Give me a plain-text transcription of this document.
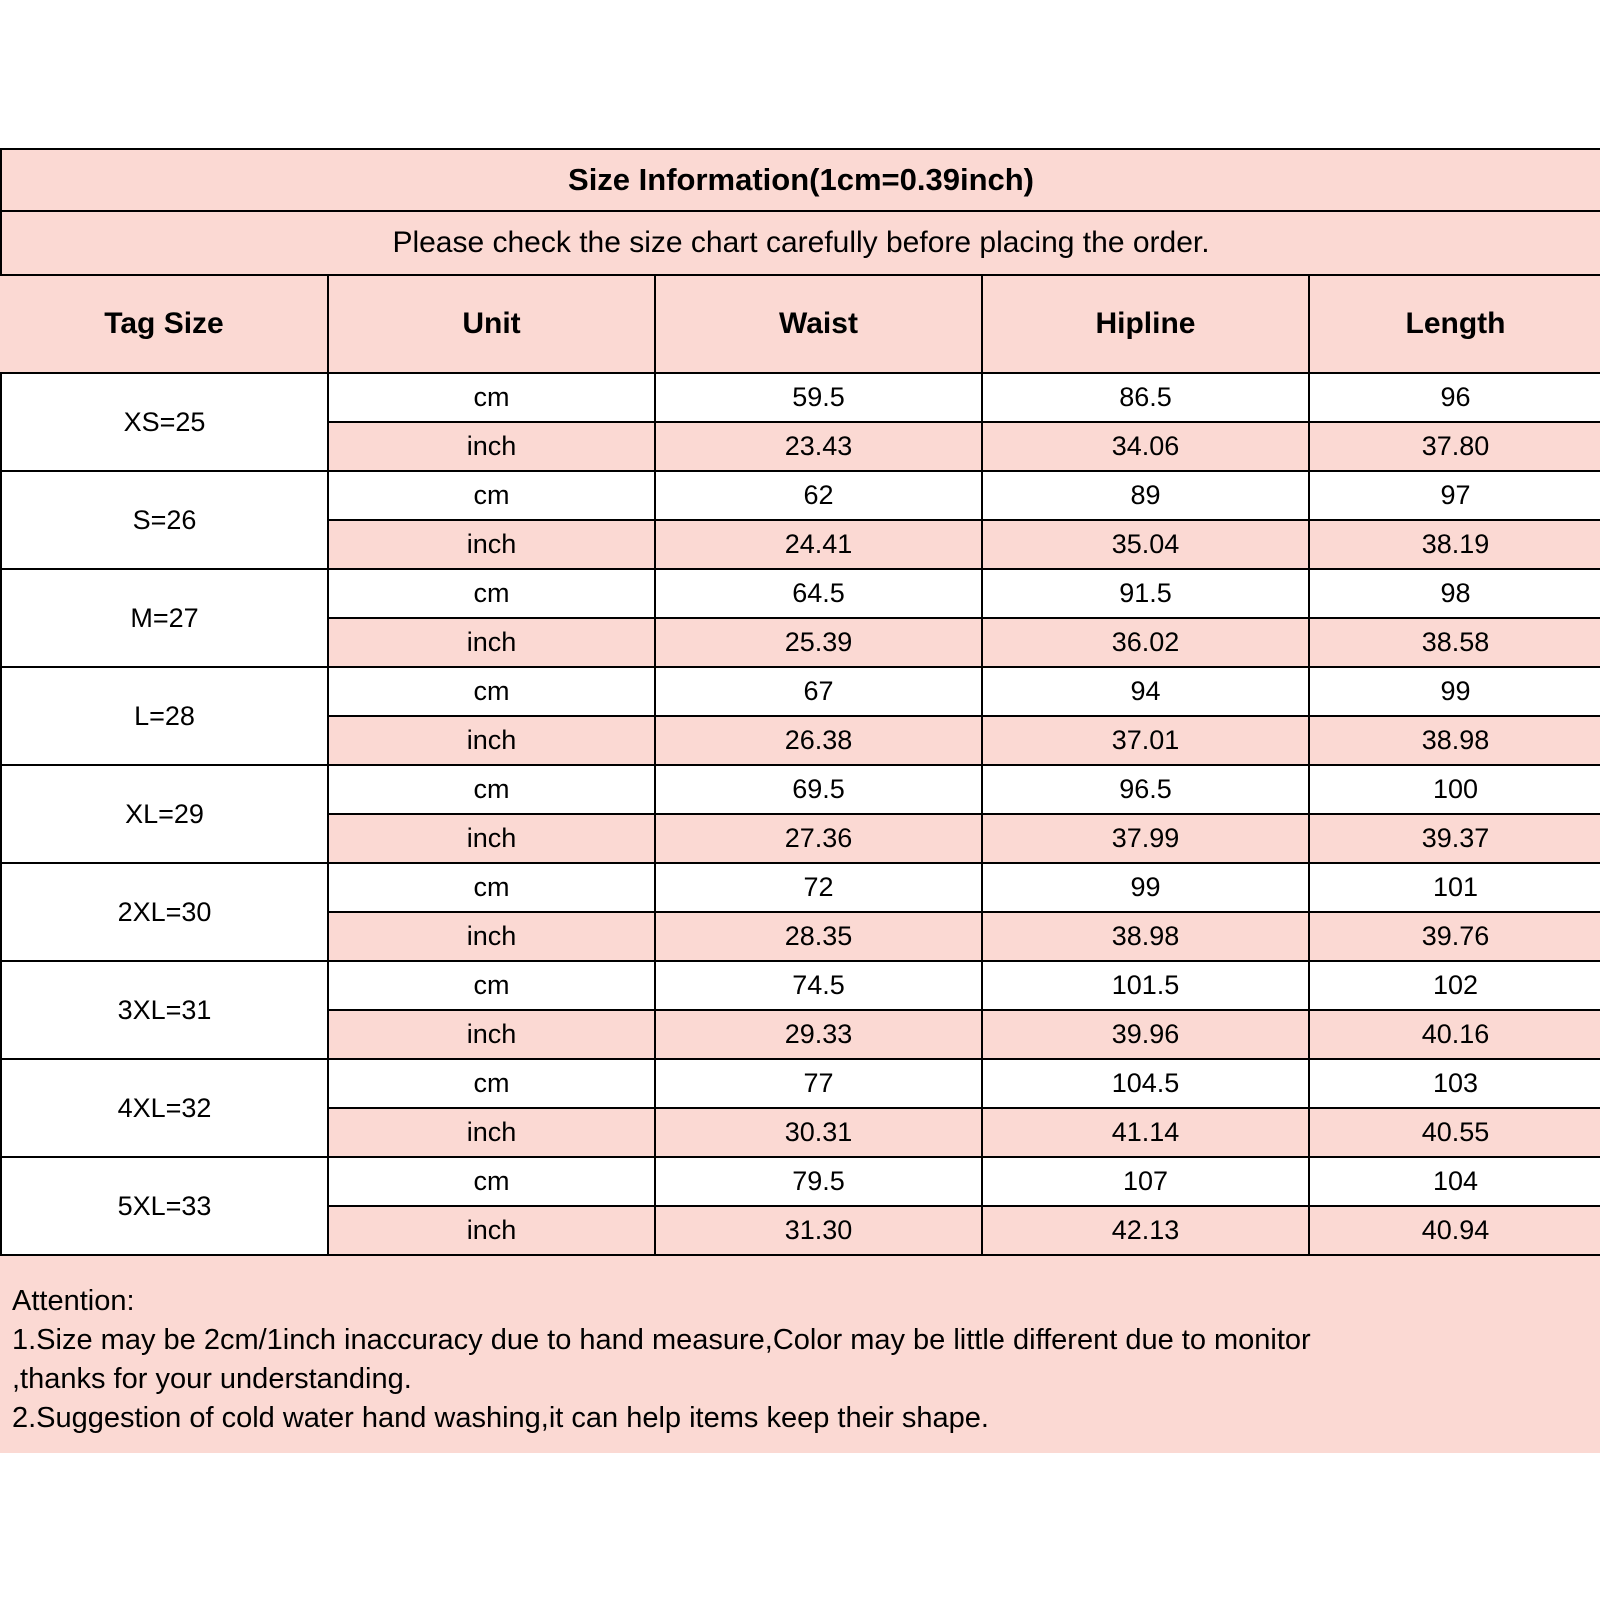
Size Information(1cm=0.39inch)				
Please check the size chart carefully before placing the order.				
Tag Size	Unit	Waist	Hipline	Length
XS=25	cm	59.5	86.5	96
	inch	23.43	34.06	37.80
S=26	cm	62	89	97
	inch	24.41	35.04	38.19
M=27	cm	64.5	91.5	98
	inch	25.39	36.02	38.58
L=28	cm	67	94	99
	inch	26.38	37.01	38.98
XL=29	cm	69.5	96.5	100
	inch	27.36	37.99	39.37
2XL=30	cm	72	99	101
	inch	28.35	38.98	39.76
3XL=31	cm	74.5	101.5	102
	inch	29.33	39.96	40.16
4XL=32	cm	77	104.5	103
	inch	30.31	41.14	40.55
5XL=33	cm	79.5	107	104
	inch	31.30	42.13	40.94
Attention:
1.Size may be 2cm/1inch inaccuracy due to hand measure,Color may be little different due to monitor
,thanks for your understanding.
2.Suggestion of cold water hand washing,it can help items keep their shape.
